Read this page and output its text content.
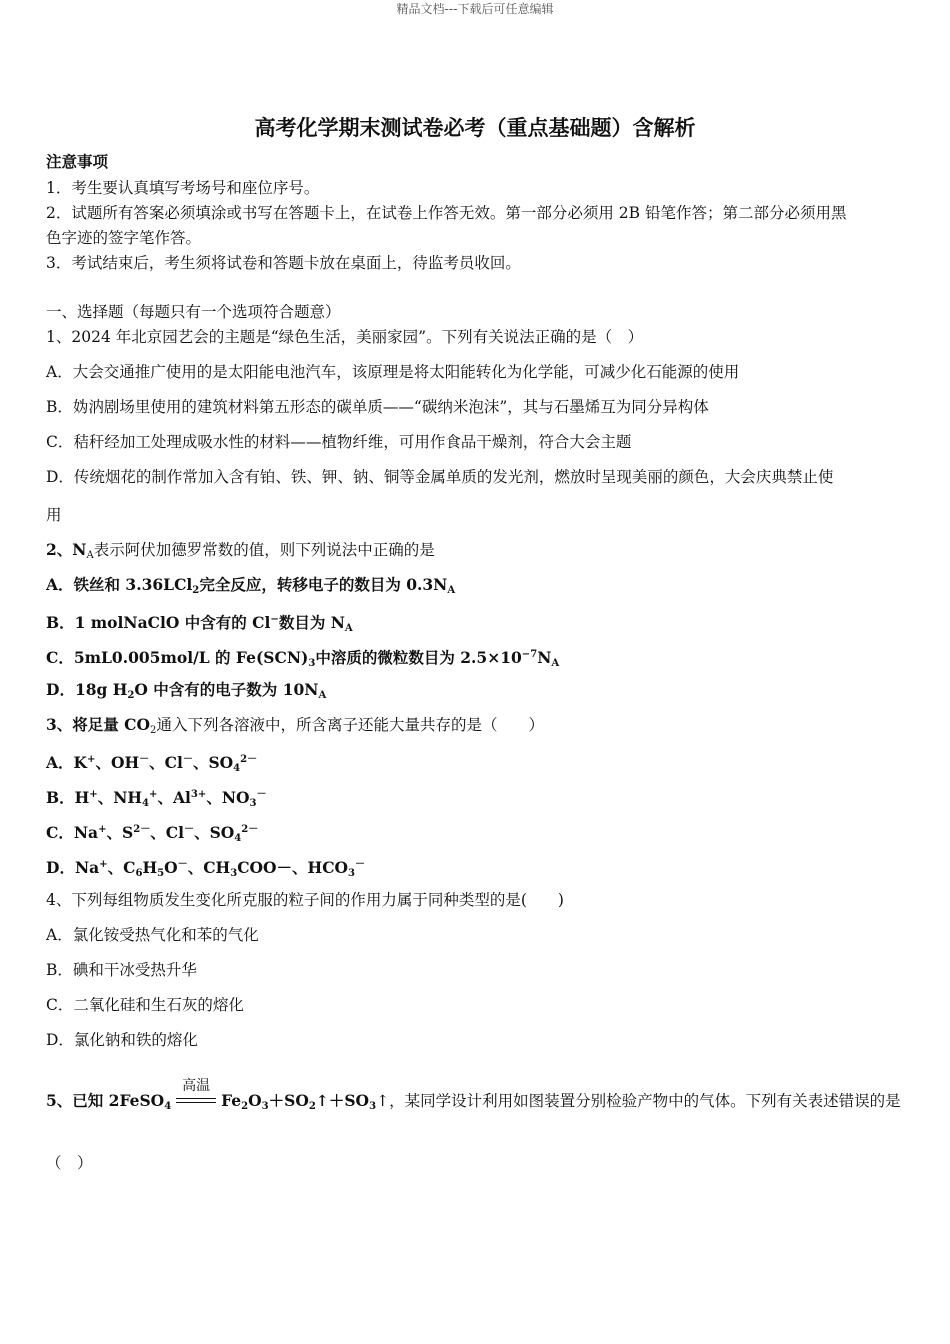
精品文档---下载后可任意编辑
高考化学期末测试卷必考（重点基础题）含解析
注意事项
1．考生要认真填写考场号和座位序号。
2．试题所有答案必须填涂或书写在答题卡上，在试卷上作答无效。第一部分必须用 2B 铅笔作答；第二部分必须用黑
色字迹的签字笔作答。
3．考试结束后，考生须将试卷和答题卡放在桌面上，待监考员收回。
一、选择题（每题只有一个选项符合题意）
1、2024 年北京园艺会的主题是“绿色生活，美丽家园”。下列有关说法正确的是（　）
A．大会交通推广使用的是太阳能电池汽车，该原理是将太阳能转化为化学能，可减少化石能源的使用
B．妫汭剧场里使用的建筑材料第五形态的碳单质——“碳纳米泡沫”，其与石墨烯互为同分异构体
C．秸秆经加工处理成吸水性的材料——植物纤维，可用作食品干燥剂，符合大会主题
D．传统烟花的制作常加入含有铂、铁、钾、钠、铜等金属单质的发光剂，燃放时呈现美丽的颜色，大会庆典禁止使
用
2、$N_A$表示阿伏加德罗常数的值，则下列说法中正确的是
A．铁丝和 3.36LCl$_2$完全反应，转移电子的数目为 $0.3N_A$
B．1 molNaClO 中含有的 Cl−数目为 $N_A$
C．5mL0.005mol/L 的 $Fe(SCN)_3$中溶质的微粒数目为 $2.5\times 10^{-7}N_A$
D．18g $H_2O$ 中含有的电子数为 $10N_A$
3、将足量 $CO_2$通入下列各溶液中，所含离子还能大量共存的是（　　）
A．K+、OH－、Cl－、$SO_4^{2-}$
B．H+、$NH_4^+$、$Al^{3+}$、$NO_3^-$
C．Na+、$S^{2-}$、Cl－、$SO_4^{2-}$
D．Na+、$C_6H_5O^-$、$CH_3COO-$、$HCO_3^-$
4、下列每组物质发生变化所克服的粒子间的作用力属于同种类型的是(　　)
A．氯化铵受热气化和苯的气化
B．碘和干冰受热升华
C．二氧化硅和生石灰的熔化
D．氯化钠和铁的熔化
5、已知 2FeSO$_4$
高温
$Fe_2O_3+SO_2↑+SO_3↑$，某同学设计利用如图装置分别检验产物中的气体。下列有关表述错误的是
（　）
